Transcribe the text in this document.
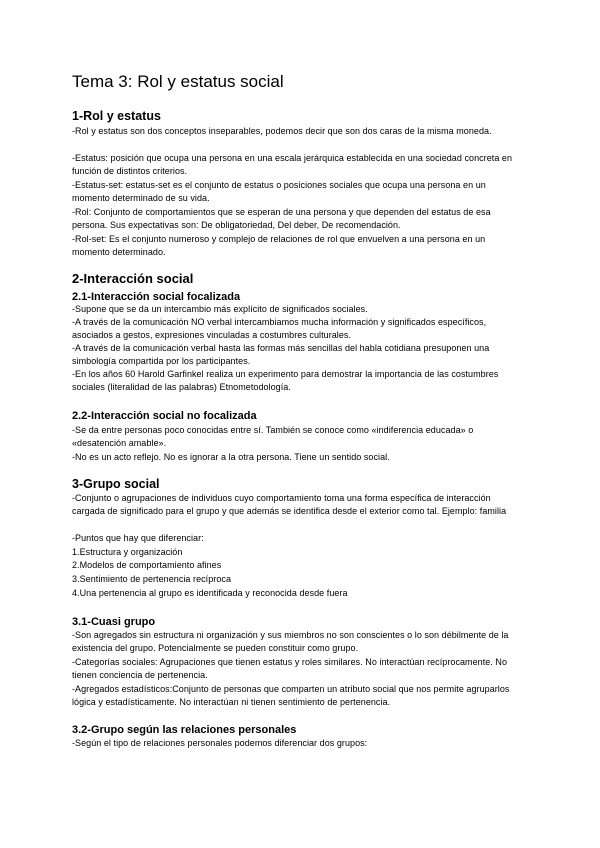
Tema 3: Rol y estatus social
1-Rol y estatus

-Rol y estatus son dos conceptos inseparables, podemos decir que son dos caras de la misma moneda.

-Estatus: posición que ocupa una persona en una escala jerárquica establecida en una sociedad concreta en función de distintos criterios.

-Estatus-set: estatus-set es el conjunto de estatus o posiciones sociales que ocupa una persona en un momento determinado de su vida.

-Rol: Conjunto de comportamientos que se esperan de una persona y que dependen del estatus de esa persona. Sus expectativas son: De obligatoriedad, Del deber, De recomendación.

-Rol-set: Es el conjunto numeroso y complejo de relaciones de rol que envuelven a una persona en un momento determinado.

2-Interacción social
2.1-Interacción social focalizada

-Supone que se da un intercambio más explícito de significados sociales.

-A través de la comunicación NO verbal intercambiamos mucha información y significados específicos, asociados a gestos, expresiones vinculadas a costumbres culturales.

-A través de la comunicación verbal hasta las formas más sencillas del habla cotidiana presuponen una simbología compartida por los participantes.

-En los años 60 Harold Garfinkel realiza un experimento para demostrar la importancia de las costumbres sociales (literalidad de las palabras) Etnometodología.

2.2-Interacción social no focalizada

-Se da entre personas poco conocidas entre sí. También se conoce como «indiferencia educada» o «desatención amable».

-No es un acto reflejo. No es ignorar a la otra persona. Tiene un sentido social.

3-Grupo social

-Conjunto o agrupaciones de individuos cuyo comportamiento toma una forma específica de interacción cargada de significado para el grupo y que además se identifica desde el exterior como tal. Ejemplo: familia

-Puntos que hay que diferenciar:

1.Estructura y organización

2.Modelos de comportamiento afines

3.Sentimiento de pertenencia recíproca

4.Una pertenencia al grupo es identificada y reconocida desde fuera

3.1-Cuasi grupo

-Son agregados sin estructura ni organización y sus miembros no son conscientes o lo son débilmente de la existencia del grupo. Potencialmente se pueden constituir como grupo.

-Categorías sociales: Agrupaciones que tienen estatus y roles similares. No interactúan recíprocamente. No tienen conciencia de pertenencia.

-Agregados estadísticos:Conjunto de personas que comparten un atributo social que nos permite agruparlos lógica y estadísticamente. No interactúan ni tienen sentimiento de pertenencia.

3.2-Grupo según las relaciones personales

-Según el tipo de relaciones personales podemos diferenciar dos grupos:
